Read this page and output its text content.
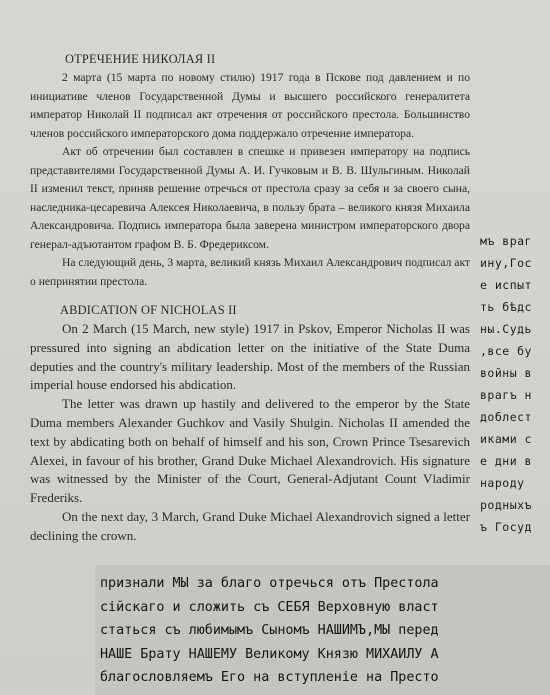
ОТРЕЧЕНИЕ НИКОЛАЯ II

2 марта (15 марта по новому стилю) 1917 года в Пскове под давлением и по инициативе членов Государственной Думы и высшего российского генералитета император Николай II подписал акт отречения от российского престола. Большинство членов российского императорского дома поддержало отречение императора.

Акт об отречении был составлен в спешке и привезен императору на подпись представителями Государственной Думы А. И. Гучковым и В. В. Шульгиным. Николай II изменил текст, приняв решение отречься от престола сразу за себя и за своего сына, наследника-цесаревича Алексея Николаевича, в пользу брата – великого князя Михаила Александровича. Подпись императора была заверена министром императорского двора генерал-адъютантом графом В. Б. Фредериксом.

На следующий день, 3 марта, великий князь Михаил Александрович подписал акт о непринятии престола.

ABDICATION OF NICHOLAS II

On 2 March (15 March, new style) 1917 in Pskov, Emperor Nicholas II was pressured into signing an abdication letter on the initiative of the State Duma deputies and the country's military leadership. Most of the members of the Russian imperial house endorsed his abdication.

The letter was drawn up hastily and delivered to the emperor by the State Duma members Alexander Guchkov and Vasily Shulgin. Nicholas II amended the text by abdicating both on behalf of himself and his son, Crown Prince Tsesarevich Alexei, in favour of his brother, Grand Duke Michael Alexandrovich. His signature was witnessed by the Minister of the Court, General-Adjutant Count Vladimir Frederiks.

On the next day, 3 March, Grand Duke Michael Alexandrovich signed a letter declining the crown.

мъ враг
ину,Гос
е испыт
ть бѣдс
ны.Судь
,все бу
войны в
врагъ н
доблест
иками с
е дни в
народу
родныхъ
ъ Госуд
признали МЫ за благо отречься отъ Престола
сійскаго и сложить съ СЕБЯ Верховную власт
статься съ любимымъ Сыномъ НАШИМЪ,МЫ перед
НАШЕ Брату НАШЕМУ Великому Князю МИХАИЛУ А
благословляемъ Его на вступленіе на Престо
